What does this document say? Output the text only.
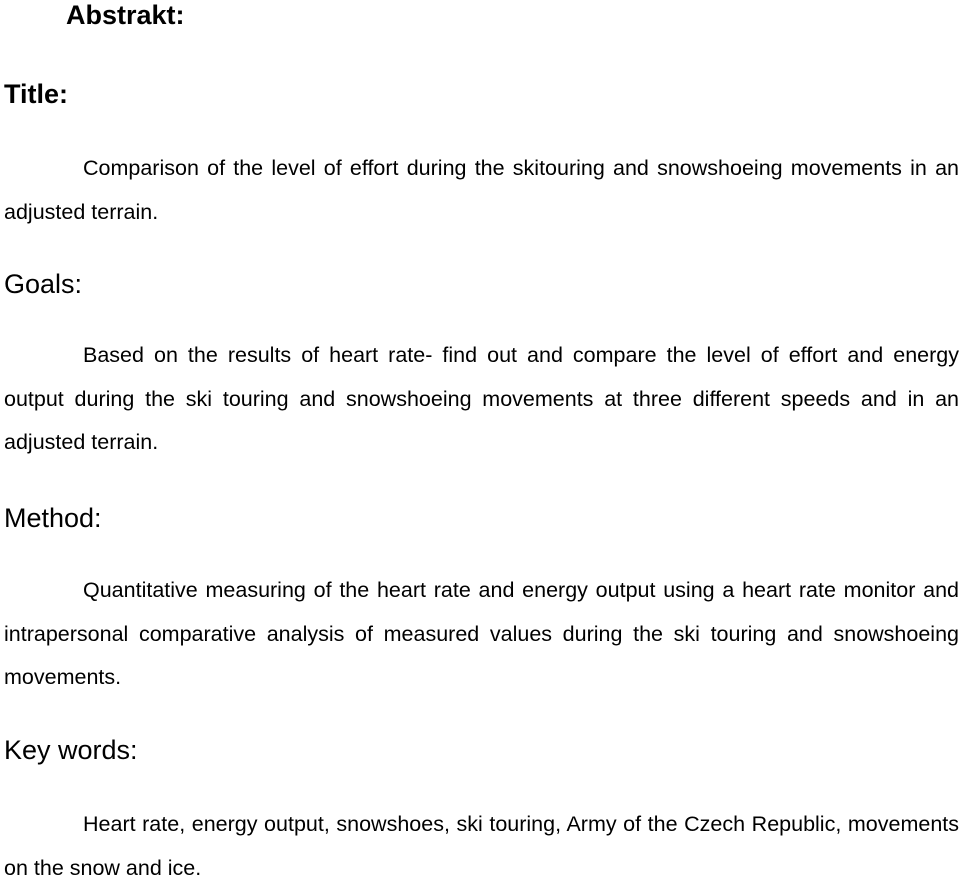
Abstrakt:
Title:

Comparison of the level of effort during the skitouring and snowshoeing movements in an adjusted terrain.

Goals:

Based on the results of heart rate- find out and compare the level of effort and energy output during the ski touring and snowshoeing movements at three different speeds and in an adjusted terrain.

Method:

Quantitative measuring of the heart rate and energy output using a heart rate monitor and intrapersonal comparative analysis of measured values during the ski touring and snowshoeing movements.

Key words:

Heart rate, energy output, snowshoes, ski touring, Army of the Czech Republic, movements on the snow and ice.
